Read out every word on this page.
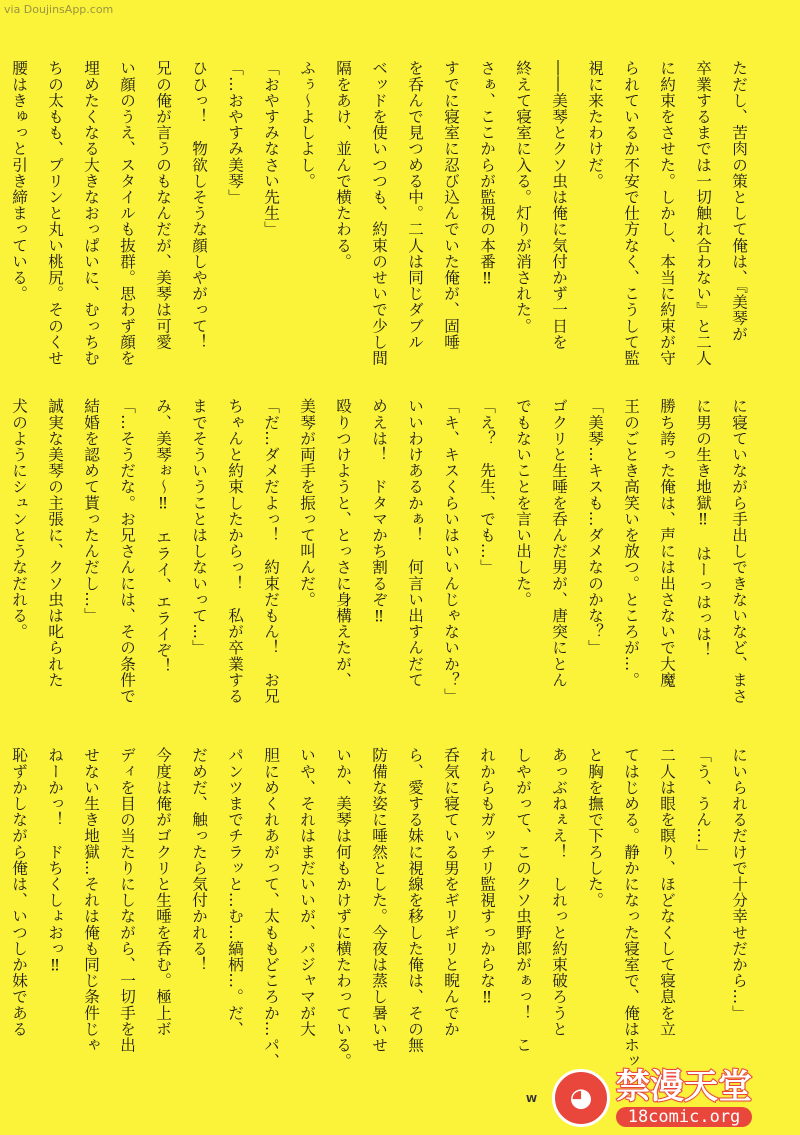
via DoujinsApp.com
ただし、苦肉の策として俺は、『美琴が
卒業するまでは一切触れ合わない』と二人
に約束をさせた。しかし、本当に約束が守
られているか不安で仕方なく、こうして監
視に来たわけだ。
――美琴とクソ虫は俺に気付かず一日を
終えて寝室に入る。灯りが消された。
さぁ、ここからが監視の本番‼
すでに寝室に忍び込んでいた俺が、固唾
を呑んで見つめる中。二人は同じダブル
ベッドを使いつつも、約束のせいで少し間
隔をあけ、並んで横たわる。
ふぅ～よしよし。
「おやすみなさい先生」
「…おやすみ美琴」
ひひっ！　物欲しそうな顔しやがって！
兄の俺が言うのもなんだが、美琴は可愛
い顔のうえ、スタイルも抜群。思わず顔を
埋めたくなる大きなおっぱいに、むっちむ
ちの太もも、プリンと丸い桃尻。そのくせ
腰はきゅっと引き締まっている。
に寝ていながら手出しできないなど、まさ
に男の生き地獄‼　はーっはっは！
勝ち誇った俺は、声には出さないで大魔
王のごとき高笑いを放つ。ところが…。
「美琴…キスも…ダメなのかな？」
ゴクリと生唾を呑んだ男が、唐突にとん
でもないことを言い出した。
「え？　先生、でも…」
「キ、キスくらいはいいんじゃないか？」
いいわけあるかぁ！　何言い出すんだて
めえは！　ドタマかち割るぞ‼
殴りつけようと、とっさに身構えたが、
美琴が両手を振って叫んだ。
「だ…ダメだよっ！　約束だもん！　お兄
ちゃんと約束したからっ！　私が卒業する
までそういうことはしないって…」
み、美琴ぉ～‼　エライ、エライぞ！
「…そうだな。お兄さんには、その条件で
結婚を認めて貰ったんだし…」
誠実な美琴の主張に、クソ虫は叱られた
犬のようにシュンとうなだれる。
にいられるだけで十分幸せだから…」
「う、うん…」
二人は眼を瞑り、ほどなくして寝息を立
てはじめる。静かになった寝室で、俺はホッ
と胸を撫で下ろした。
あっぶねぇえ！　しれっと約束破ろうと
しやがって、このクソ虫野郎がぁっ！　こ
れからもガッチリ監視すっからな‼
呑気に寝ている男をギリギリと睨んでか
ら、愛する妹に視線を移した俺は、その無
防備な姿に唾然とした。今夜は蒸し暑いせ
いか、美琴は何もかけずに横たわっている。
いや、それはまだいいが、パジャマが大
胆にめくれあがって、太ももどころか…パ、
パンツまでチラッと…む…縞柄…。だ、
だめだ、触ったら気付かれる！
今度は俺がゴクリと生唾を呑む。極上ボ
ディを目の当たりにしながら、一切手を出
せない生き地獄…それは俺も同じ条件じゃ
ねーかっ！　ドちくしょおっ‼
恥ずかしながら俺は、いつしか妹である
W	◕ 禁漫天堂
18comic.org
